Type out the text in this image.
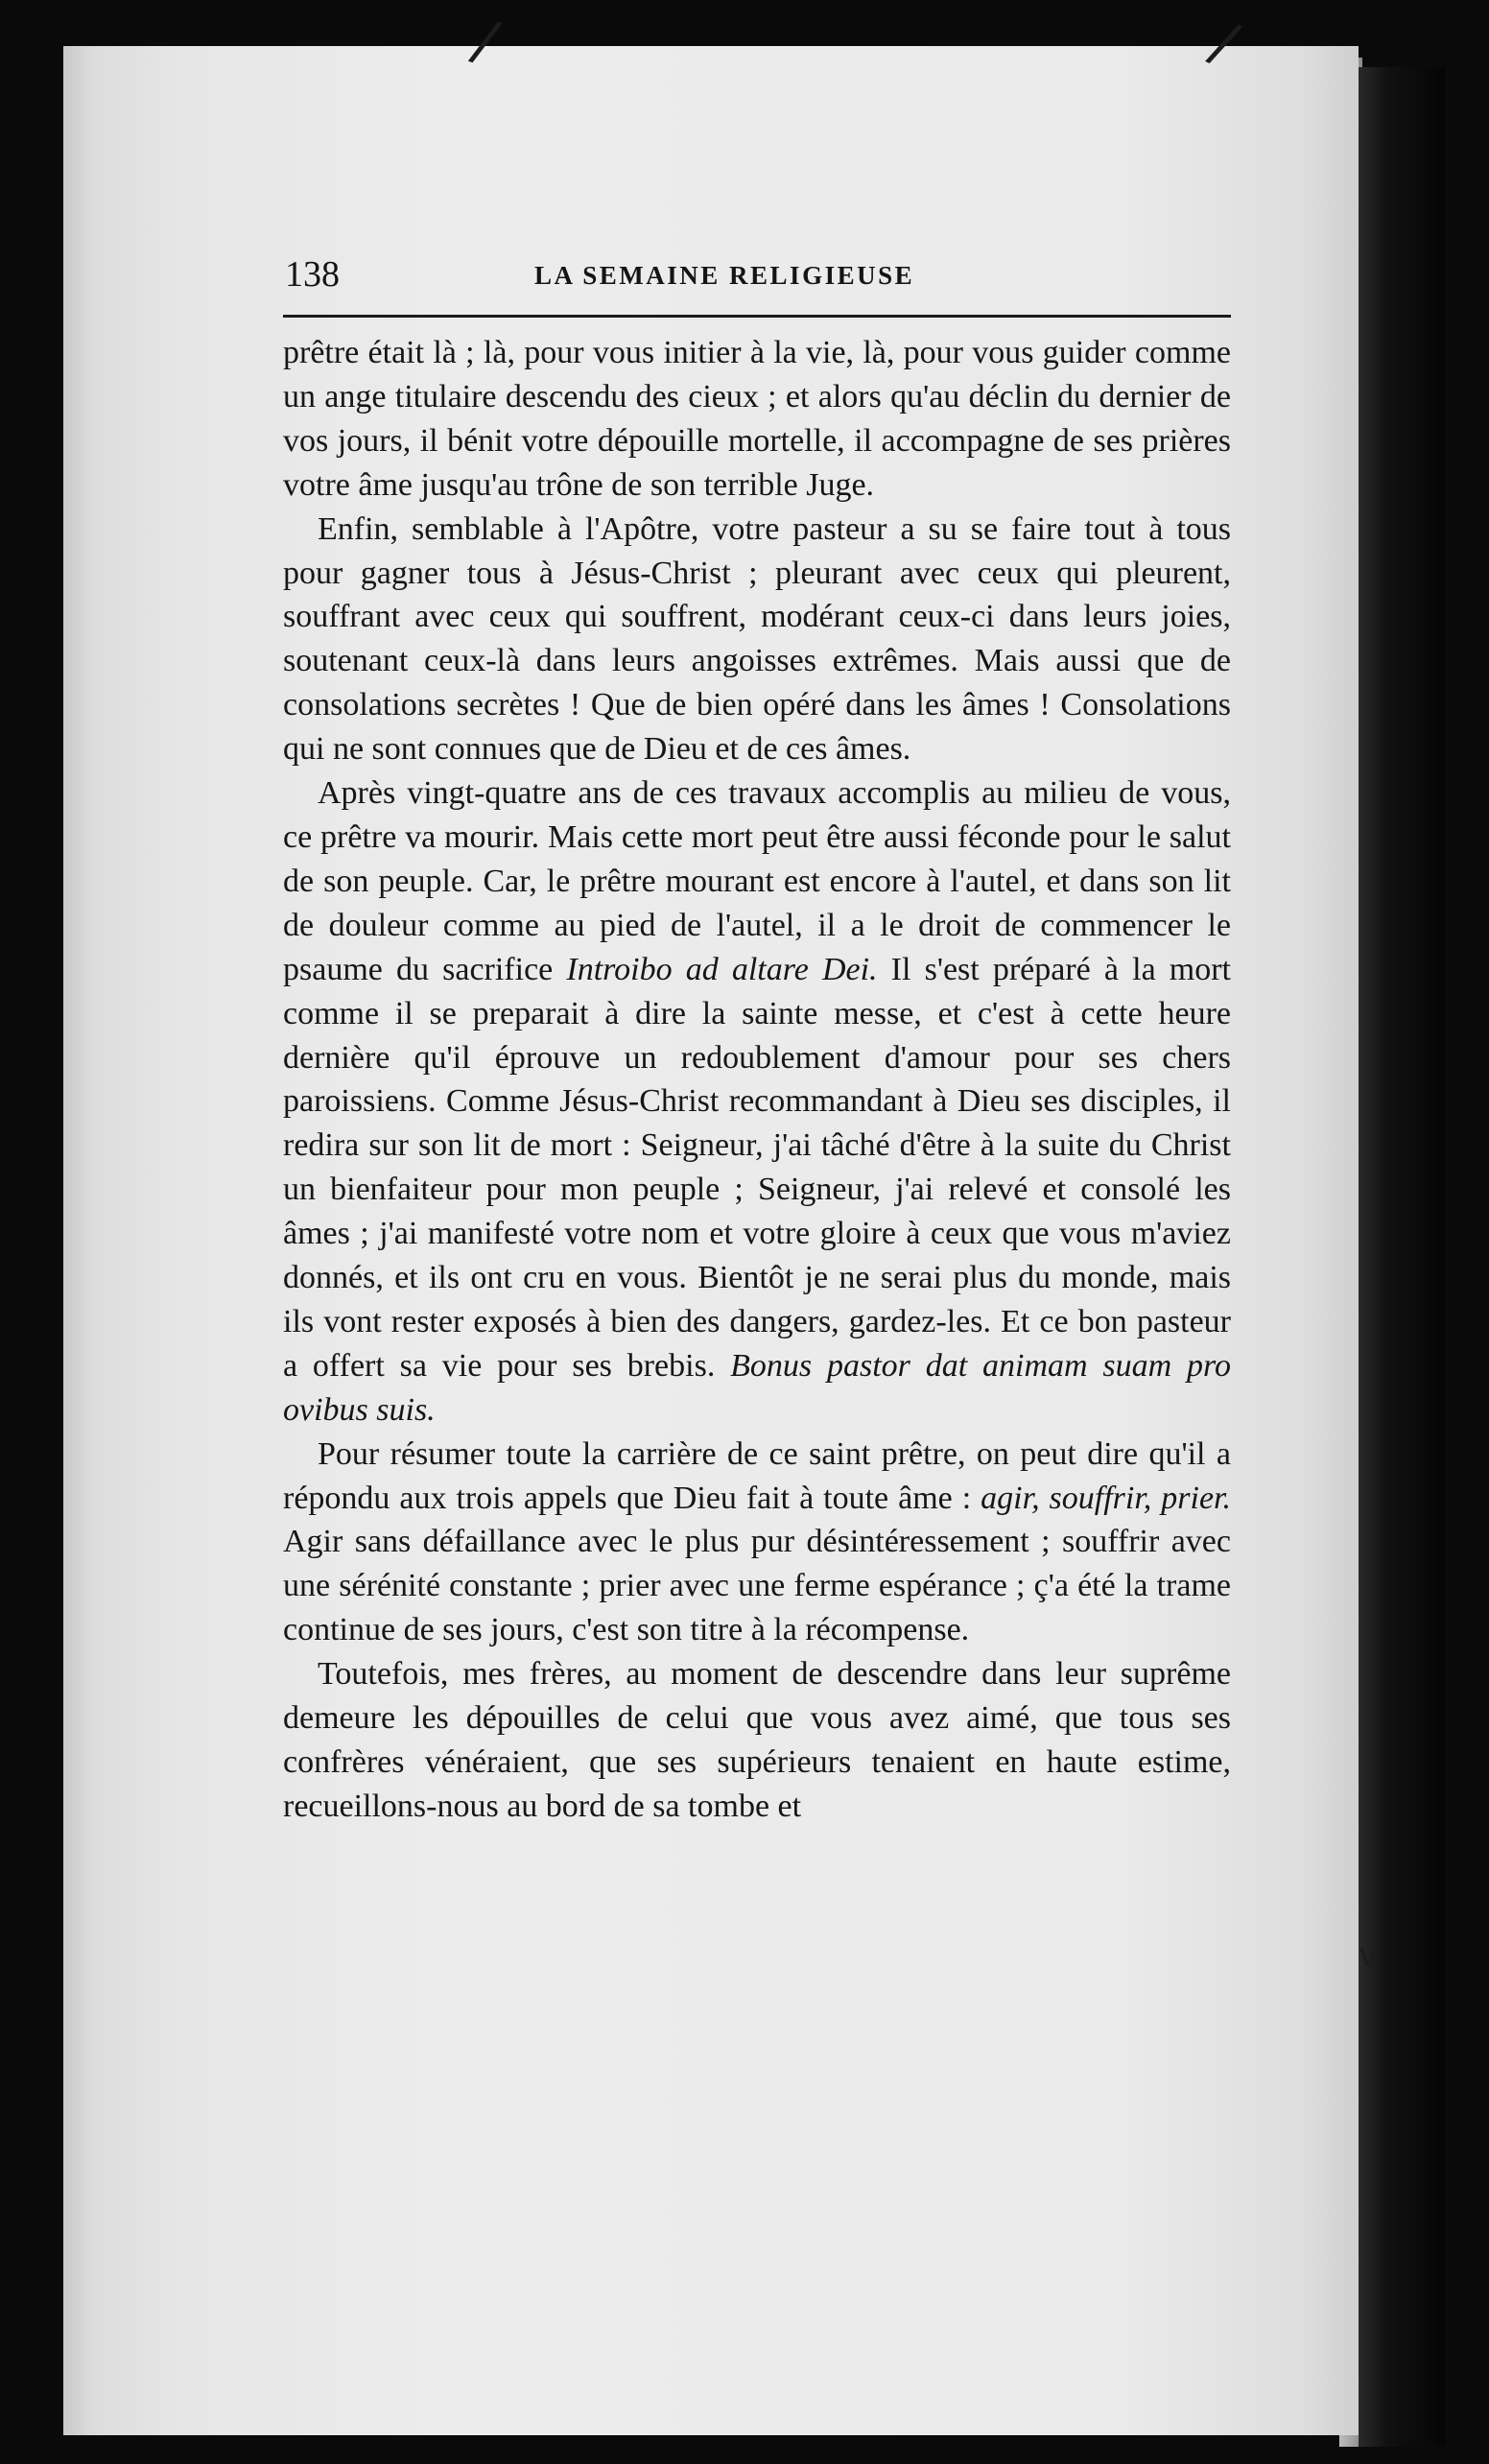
/	/
v
138	LA SEMAINE RELIGIEUSE

prêtre était là ; là, pour vous initier à la vie, là, pour vous guider comme un ange titulaire descendu des cieux ; et alors qu'au déclin du dernier de vos jours, il bénit votre dépouille mortelle, il accompagne de ses prières votre âme jusqu'au trône de son terrible Juge.

Enfin, semblable à l'Apôtre, votre pasteur a su se faire tout à tous pour gagner tous à Jésus-Christ ; pleurant avec ceux qui pleurent, souffrant avec ceux qui souffrent, modérant ceux-ci dans leurs joies, soutenant ceux-là dans leurs angoisses extrêmes. Mais aussi que de consolations secrètes ! Que de bien opéré dans les âmes ! Consolations qui ne sont connues que de Dieu et de ces âmes.

Après vingt-quatre ans de ces travaux accomplis au milieu de vous, ce prêtre va mourir. Mais cette mort peut être aussi féconde pour le salut de son peuple. Car, le prêtre mourant est encore à l'autel, et dans son lit de douleur comme au pied de l'autel, il a le droit de commencer le psaume du sacrifice Introibo ad altare Dei. Il s'est préparé à la mort comme il se preparait à dire la sainte messe, et c'est à cette heure dernière qu'il éprouve un redoublement d'amour pour ses chers paroissiens. Comme Jésus-Christ recommandant à Dieu ses disciples, il redira sur son lit de mort : Seigneur, j'ai tâché d'être à la suite du Christ un bienfaiteur pour mon peuple ; Seigneur, j'ai relevé et consolé les âmes ; j'ai manifesté votre nom et votre gloire à ceux que vous m'aviez donnés, et ils ont cru en vous. Bientôt je ne serai plus du monde, mais ils vont rester exposés à bien des dangers, gardez-les. Et ce bon pasteur a offert sa vie pour ses brebis. Bonus pastor dat animam suam pro ovibus suis.

Pour résumer toute la carrière de ce saint prêtre, on peut dire qu'il a répondu aux trois appels que Dieu fait à toute âme : agir, souffrir, prier. Agir sans défaillance avec le plus pur désintéressement ; souffrir avec une sérénité constante ; prier avec une ferme espérance ; ç'a été la trame continue de ses jours, c'est son titre à la récompense.

Toutefois, mes frères, au moment de descendre dans leur suprême demeure les dépouilles de celui que vous avez aimé, que tous ses confrères vénéraient, que ses supérieurs tenaient en haute estime, recueillons-nous au bord de sa tombe et
